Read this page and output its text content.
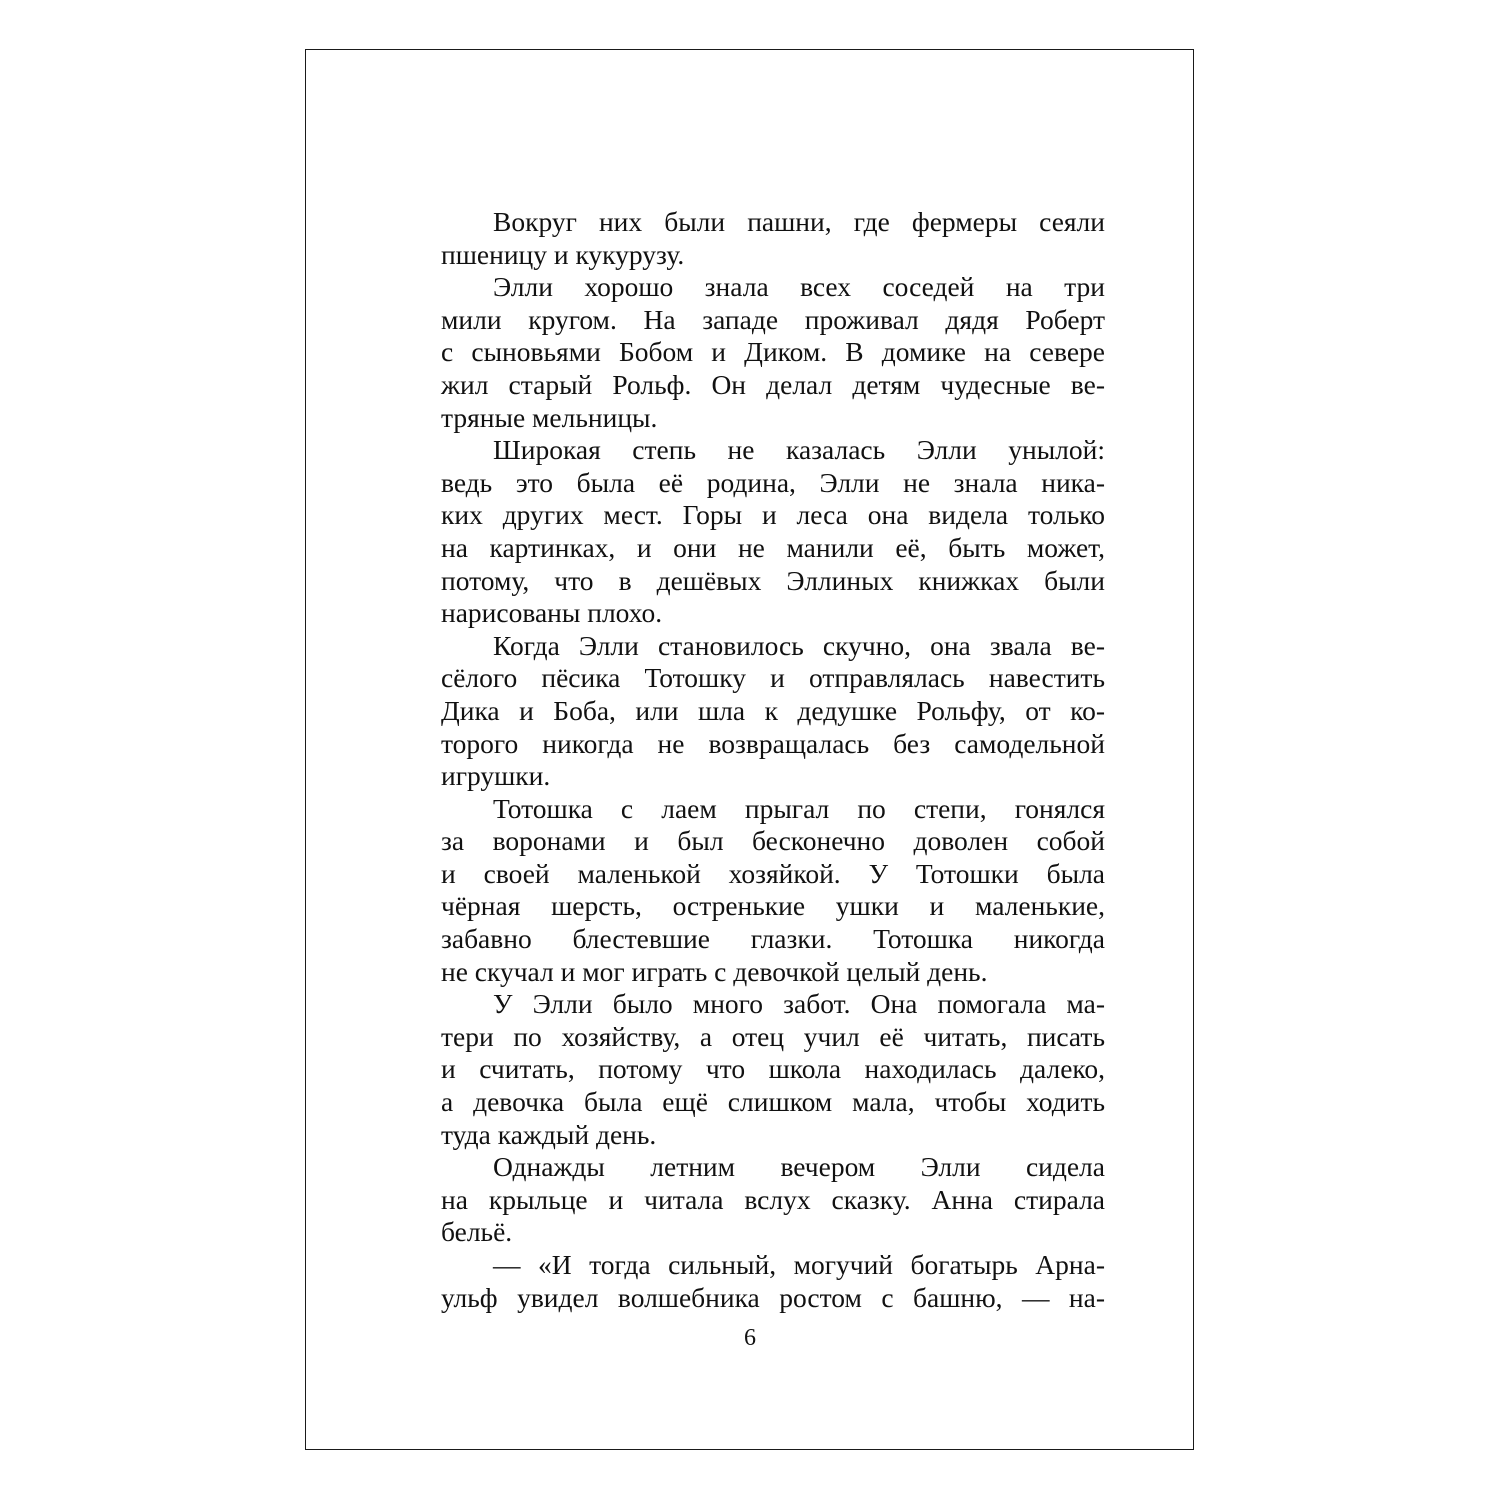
Вокруг них были пашни, где фермеры сеяли
пшеницу и кукурузу.
Элли хорошо знала всех соседей на три
мили кругом. На западе проживал дядя Роберт
с сыновьями Бобом и Диком. В домике на севере
жил старый Рольф. Он делал детям чудесные ве-
тряные мельницы.
Широкая степь не казалась Элли унылой:
ведь это была её родина, Элли не знала ника-
ких других мест. Горы и леса она видела только
на картинках, и они не манили её, быть может,
потому, что в дешёвых Эллиных книжках были
нарисованы плохо.
Когда Элли становилось скучно, она звала ве-
сёлого пёсика Тотошку и отправлялась навестить
Дика и Боба, или шла к дедушке Рольфу, от ко-
торого никогда не возвращалась без самодельной
игрушки.
Тотошка с лаем прыгал по степи, гонялся
за воронами и был бесконечно доволен собой
и своей маленькой хозяйкой. У Тотошки была
чёрная шерсть, остренькие ушки и маленькие,
забавно блестевшие глазки. Тотошка никогда
не скучал и мог играть с девочкой целый день.
У Элли было много забот. Она помогала ма-
тери по хозяйству, а отец учил её читать, писать
и считать, потому что школа находилась далеко,
а девочка была ещё слишком мала, чтобы ходить
туда каждый день.
Однажды летним вечером Элли сидела
на крыльце и читала вслух сказку. Анна стирала
бельё.
— «И тогда сильный, могучий богатырь Арна-
ульф увидел волшебника ростом с башню, — на-
6
